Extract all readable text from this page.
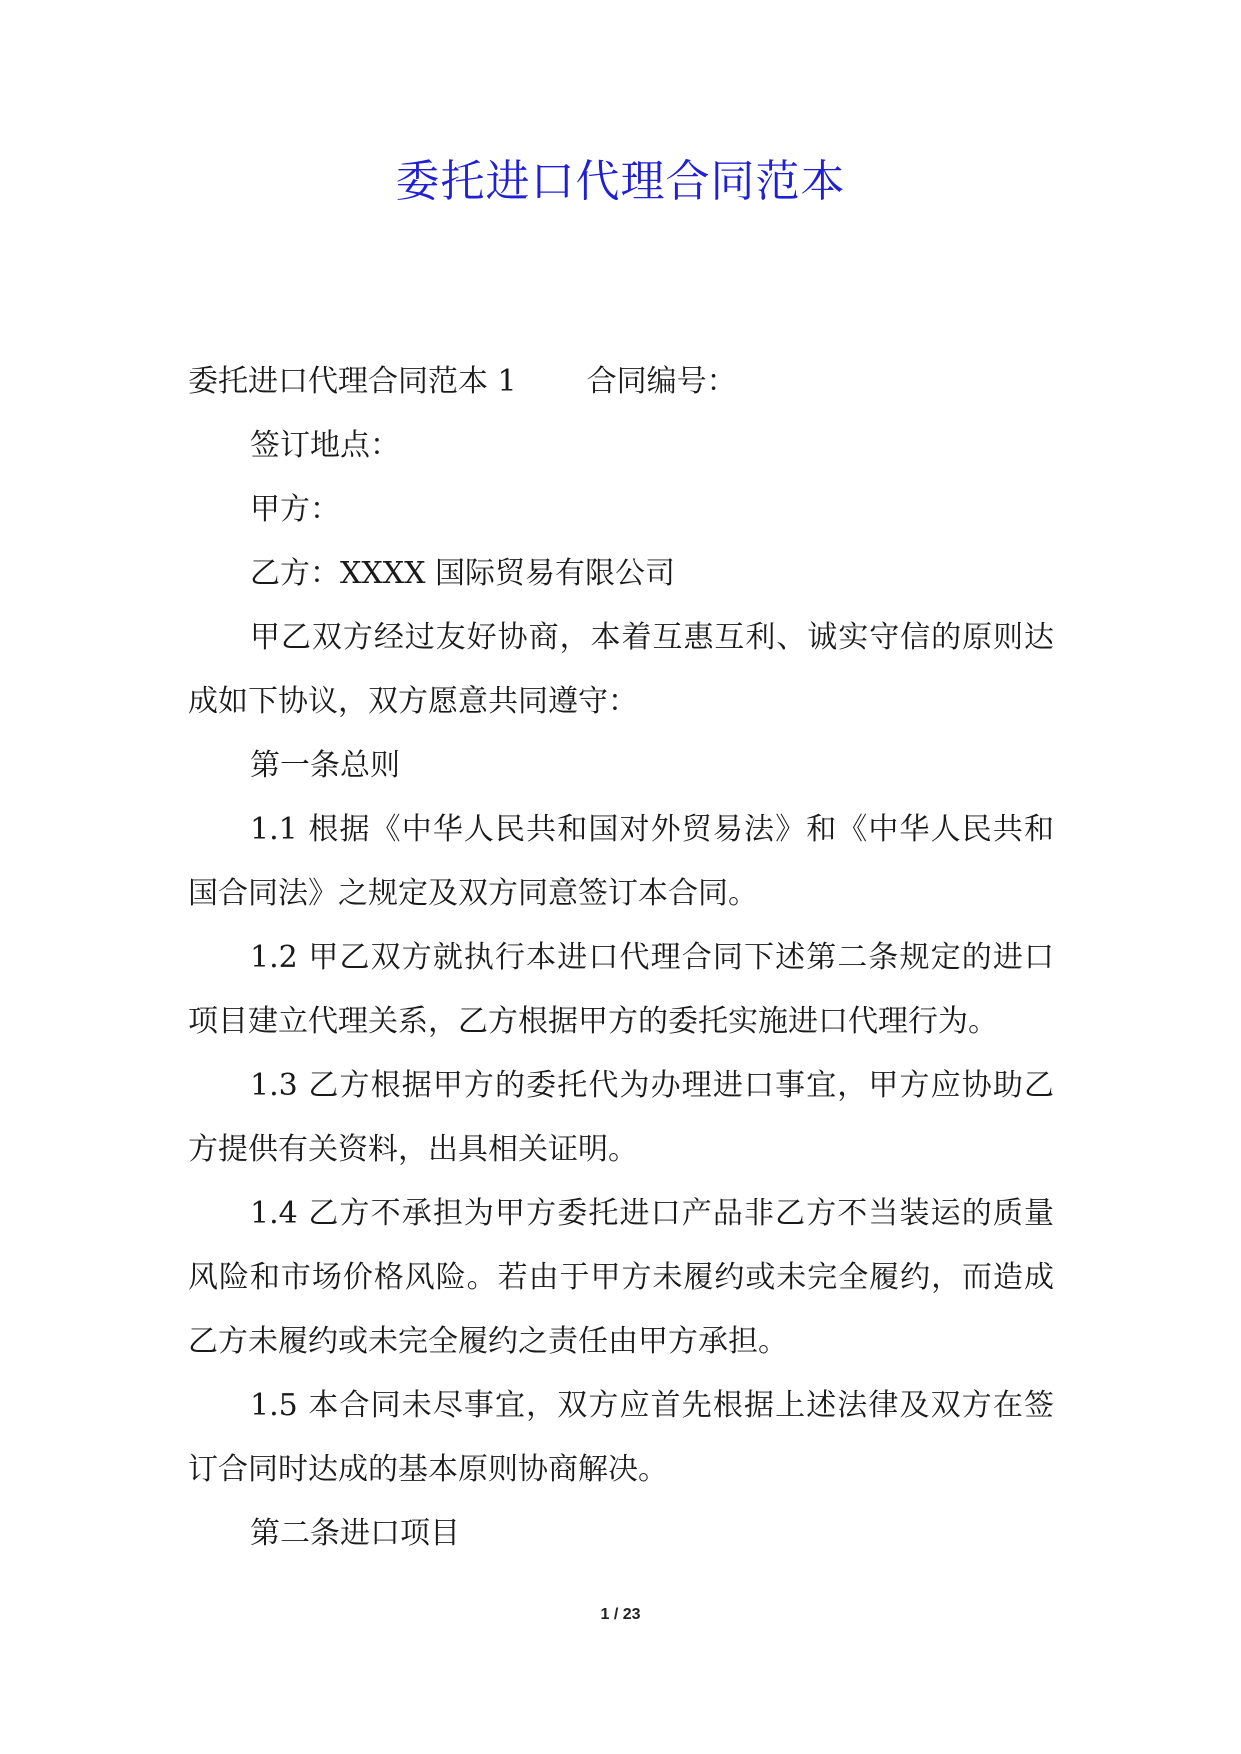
委托进口代理合同范本

委托进口代理合同范本 1 合同编号：

签订地点：

甲方：

乙方：XXXX 国际贸易有限公司

甲乙双方经过友好协商，本着互惠互利、诚实守信的原则达成如下协议，双方愿意共同遵守：

第一条总则

1.1 根据《中华人民共和国对外贸易法》和《中华人民共和国合同法》之规定及双方同意签订本合同。

1.2 甲乙双方就执行本进口代理合同下述第二条规定的进口项目建立代理关系，乙方根据甲方的委托实施进口代理行为。

1.3 乙方根据甲方的委托代为办理进口事宜，甲方应协助乙方提供有关资料，出具相关证明。

1.4 乙方不承担为甲方委托进口产品非乙方不当装运的质量风险和市场价格风险。若由于甲方未履约或未完全履约，而造成乙方未履约或未完全履约之责任由甲方承担。

1.5 本合同未尽事宜，双方应首先根据上述法律及双方在签订合同时达成的基本原则协商解决。

第二条进口项目

1 / 23
